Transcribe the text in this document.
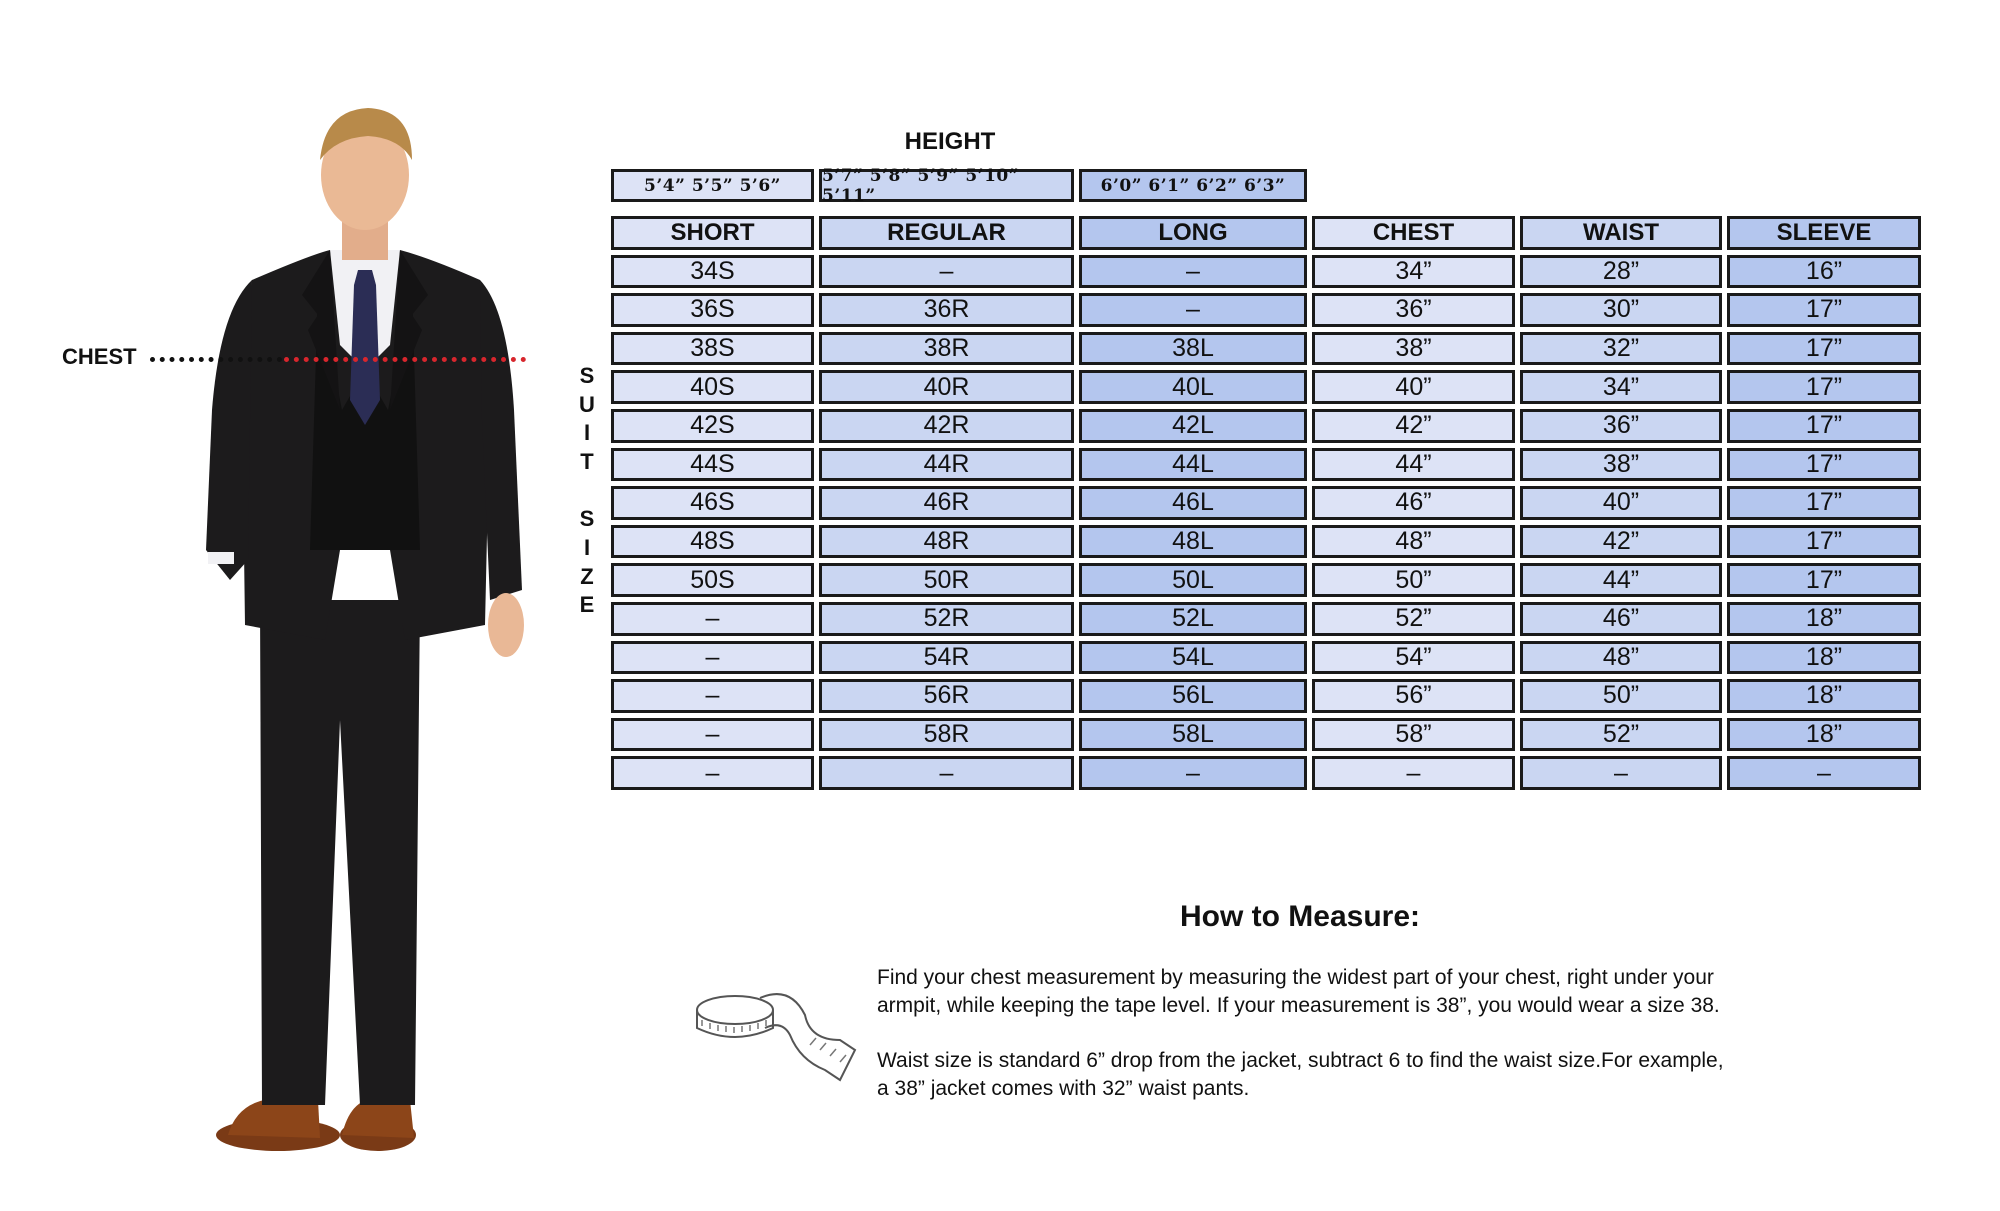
CHEST
HEIGHT
5’4” 5’5” 5’6”	5’7” 5’8” 5’9” 5’10” 5’11”	6’0” 6’1” 6’2” 6’3”
S
U
I
T
S
I
Z
E
SHORT	REGULAR	LONG	CHEST	WAIST	SLEEVE
34S	–	–	34”	28”	16”
36S	36R	–	36”	30”	17”
38S	38R	38L	38”	32”	17”
40S	40R	40L	40”	34”	17”
42S	42R	42L	42”	36”	17”
44S	44R	44L	44”	38”	17”
46S	46R	46L	46”	40”	17”
48S	48R	48L	48”	42”	17”
50S	50R	50L	50”	44”	17”
–	52R	52L	52”	46”	18”
–	54R	54L	54”	48”	18”
–	56R	56L	56”	50”	18”
–	58R	58L	58”	52”	18”
–	–	–	–	–	–
How to Measure:
Find your chest measurement by measuring the widest part of your chest, right under your
armpit, while keeping the tape level. If your measurement is 38”, you would wear a size 38.
Waist size is standard 6” drop from the jacket, subtract 6 to find the waist size.For example,
a 38” jacket comes with 32” waist pants.
